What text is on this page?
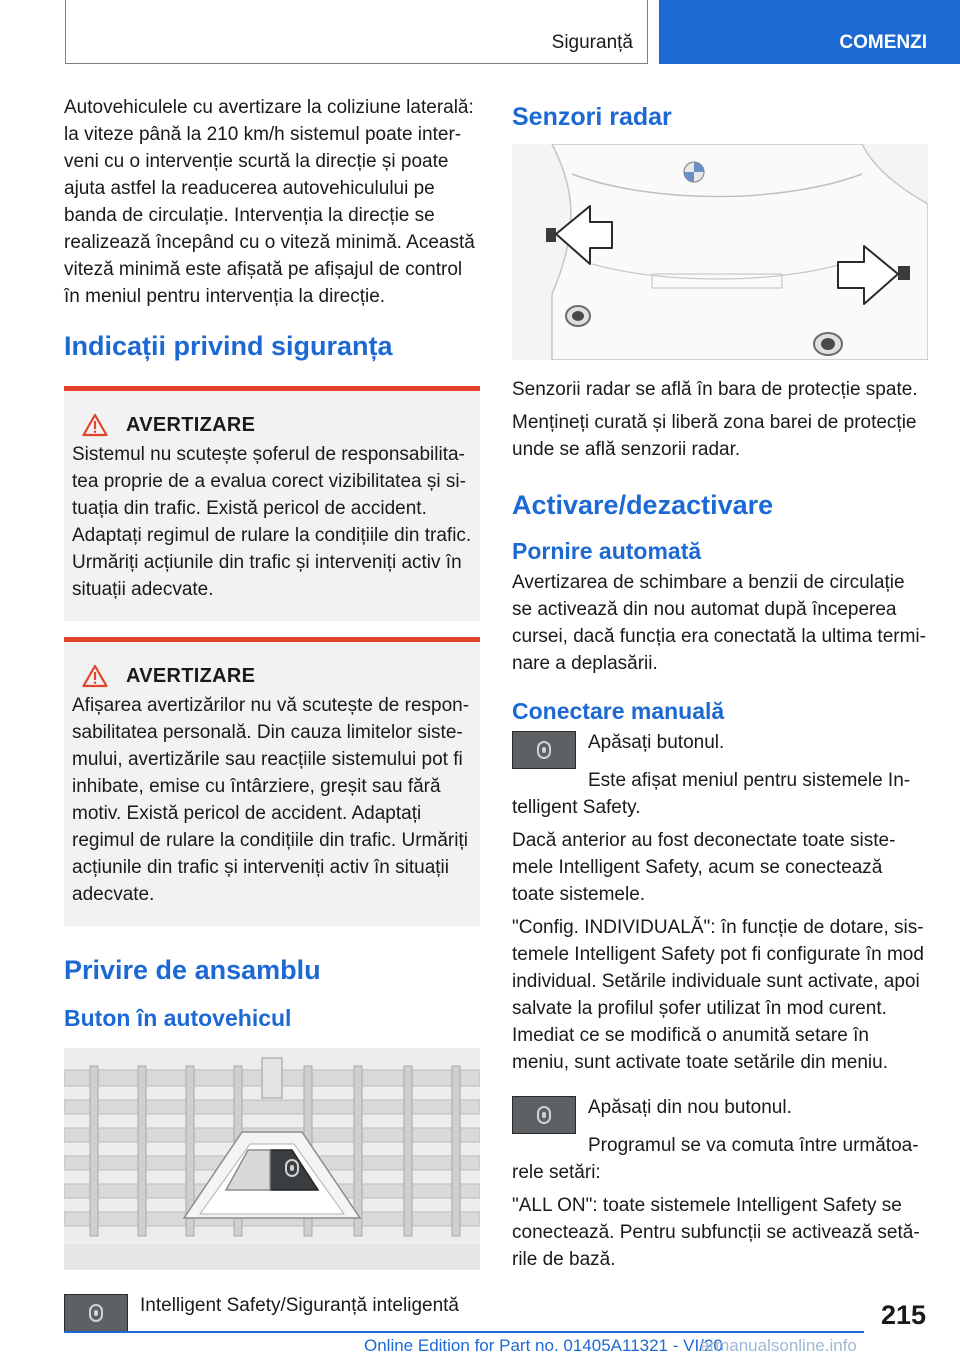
Siguranță	COMENZI

Autovehiculele cu avertizare la coliziune laterală: la viteze până la 210 km/h sistemul poate interveni cu o intervenție scurtă la direcție și poate ajuta astfel la readucerea autovehiculului pe banda de circulație. Intervenția la direcție se realizează începând cu o viteză minimă. Această viteză minimă este afișată pe afișajul de control în meniul pentru intervenția la direcție.

Indicații privind siguranța
AVERTIZARE

Sistemul nu scutește șoferul de responsabilitatea proprie de a evalua corect vizibilitatea și situația din trafic. Există pericol de accident. Adaptați regimul de rulare la condițiile din trafic. Urmăriți acțiunile din trafic și interveniți activ în situații adecvate.

AVERTIZARE

Afișarea avertizărilor nu vă scutește de responsabilitatea personală. Din cauza limitelor sistemului, avertizările sau reacțiile sistemului pot fi inhibate, emise cu întârziere, greșit sau fără motiv. Există pericol de accident. Adaptați regimul de rulare la condițiile din trafic. Urmăriți acțiunile din trafic și interveniți activ în situații adecvate.

Privire de ansamblu
Buton în autovehicul

Intelligent Safety/Siguranță inteligentă

Senzori radar

Senzorii radar se află în bara de protecție spate.

Mențineți curată și liberă zona barei de protecție unde se află senzorii radar.

Activare/dezactivare
Pornire automată

Avertizarea de schimbare a benzii de circulație se activează din nou automat după începerea cursei, dacă funcția era conectată la ultima terminare a deplasării.

Conectare manuală

Apăsați butonul.

Este afișat meniul pentru sistemele Intelligent Safety.

Dacă anterior au fost deconectate toate sistemele Intelligent Safety, acum se conectează toate sistemele.

"Config. INDIVIDUALĂ": în funcție de dotare, sistemele Intelligent Safety pot fi configurate în mod individual. Setările individuale sunt activate, apoi salvate la profilul șofer utilizat în mod curent. Imediat ce se modifică o anumită setare în meniu, sunt activate toate setările din meniu.

Apăsați din nou butonul.

Programul se va comuta între următoarele setări:

"ALL ON": toate sistemele Intelligent Safety se conectează. Pentru subfuncții se activează setările de bază.

215
Online Edition for Part no. 01405A11321 - VI/20
armanualsonline.info
